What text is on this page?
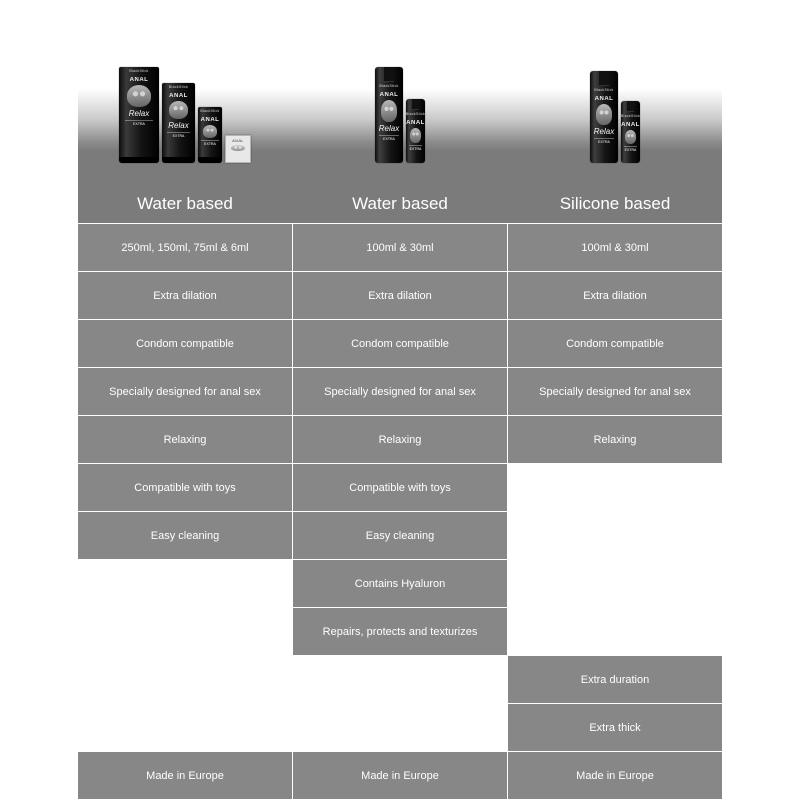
BlackStick
ANAL
Relax
EXTRA
BlackStick
ANAL
Relax
EXTRA
BlackStick
ANAL
EXTRA
ANAL
BlackStick
ANAL
Relax
EXTRA
BlackStick
ANAL
EXTRA
BlackStick
ANAL
Relax
EXTRA
BlackStick
ANAL
EXTRA
Water based	Water based	Silicone based
250ml, 150ml, 75ml & 6ml
Extra dilation
Condom compatible
Specially designed for anal sex
Relaxing
Compatible with toys
Easy cleaning
Made in Europe
100ml & 30ml
Extra dilation
Condom compatible
Specially designed for anal sex
Relaxing
Compatible with toys
Easy cleaning
Contains Hyaluron
Repairs, protects and texturizes
Made in Europe
100ml & 30ml
Extra dilation
Condom compatible
Specially designed for anal sex
Relaxing
Extra duration
Extra thick
Made in Europe
